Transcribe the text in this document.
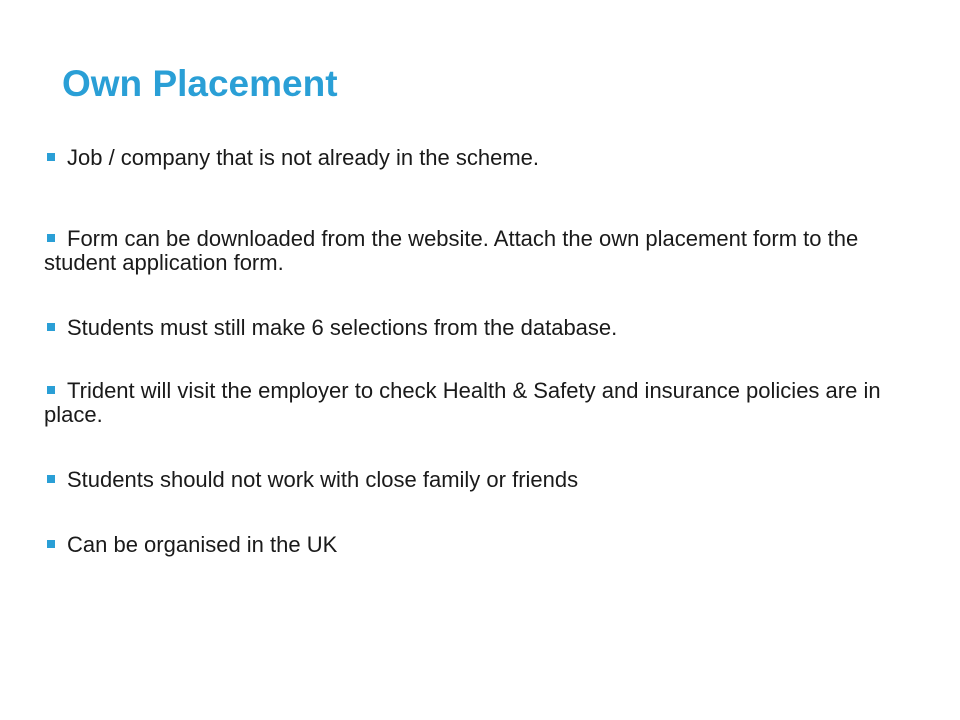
Own Placement
Job / company that is not already in the scheme.
Form can be downloaded from the website. Attach the own placement form to the student application form.
Students must still make 6 selections from the database.
Trident will visit the employer to check Health & Safety and insurance policies are in place.
Students should not work with close family or friends
Can be organised in the UK
